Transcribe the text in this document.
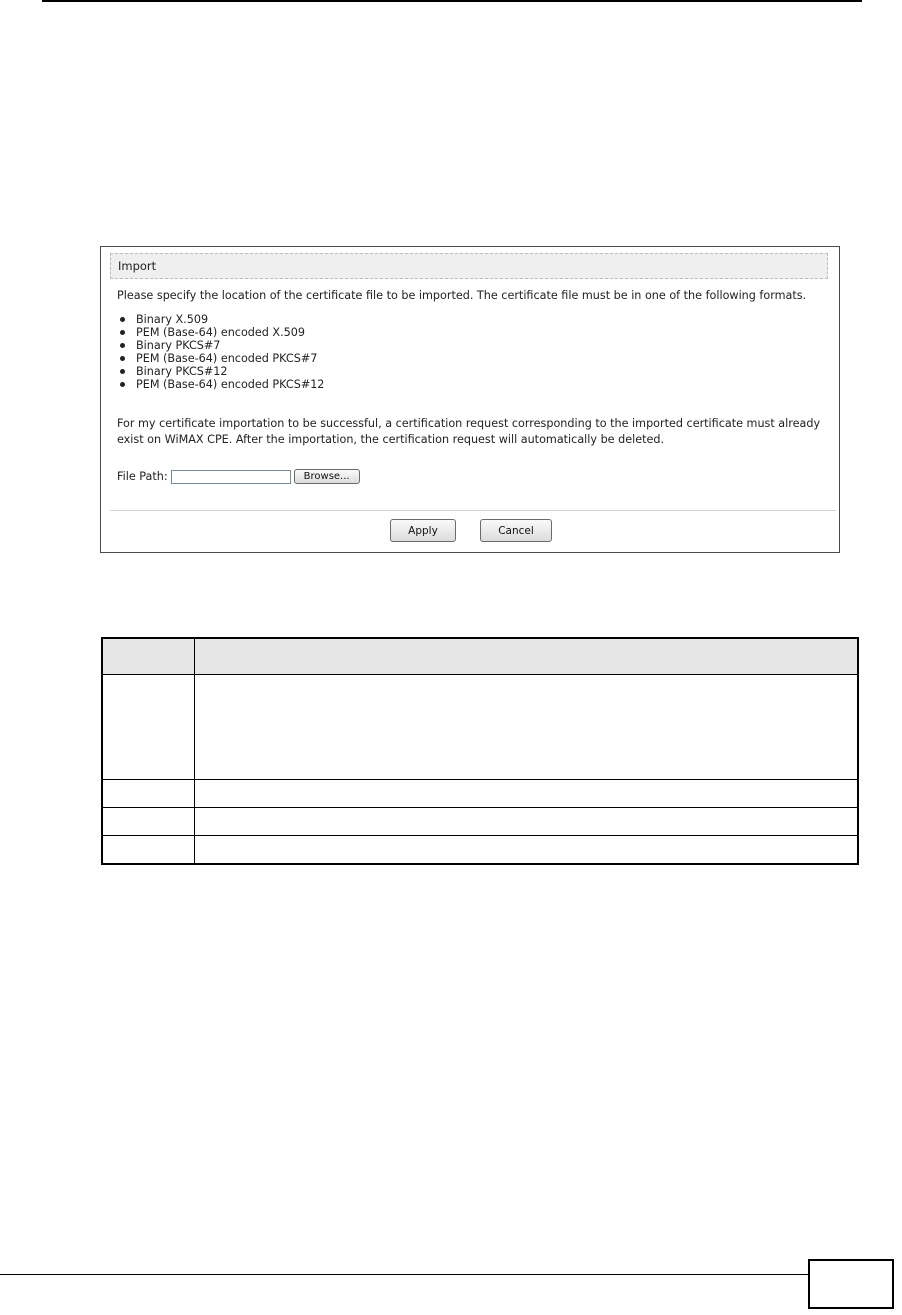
Import
Please specify the location of the certificate file to be imported. The certificate file must be in one of the following formats.
Binary X.509
PEM (Base-64) encoded X.509
Binary PKCS#7
PEM (Base-64) encoded PKCS#7
Binary PKCS#12
PEM (Base-64) encoded PKCS#12
For my certificate importation to be successful, a certification request corresponding to the imported certificate must already exist on WiMAX CPE. After the importation, the certification request will automatically be deleted.
File Path:	Browse...
Apply	Cancel
